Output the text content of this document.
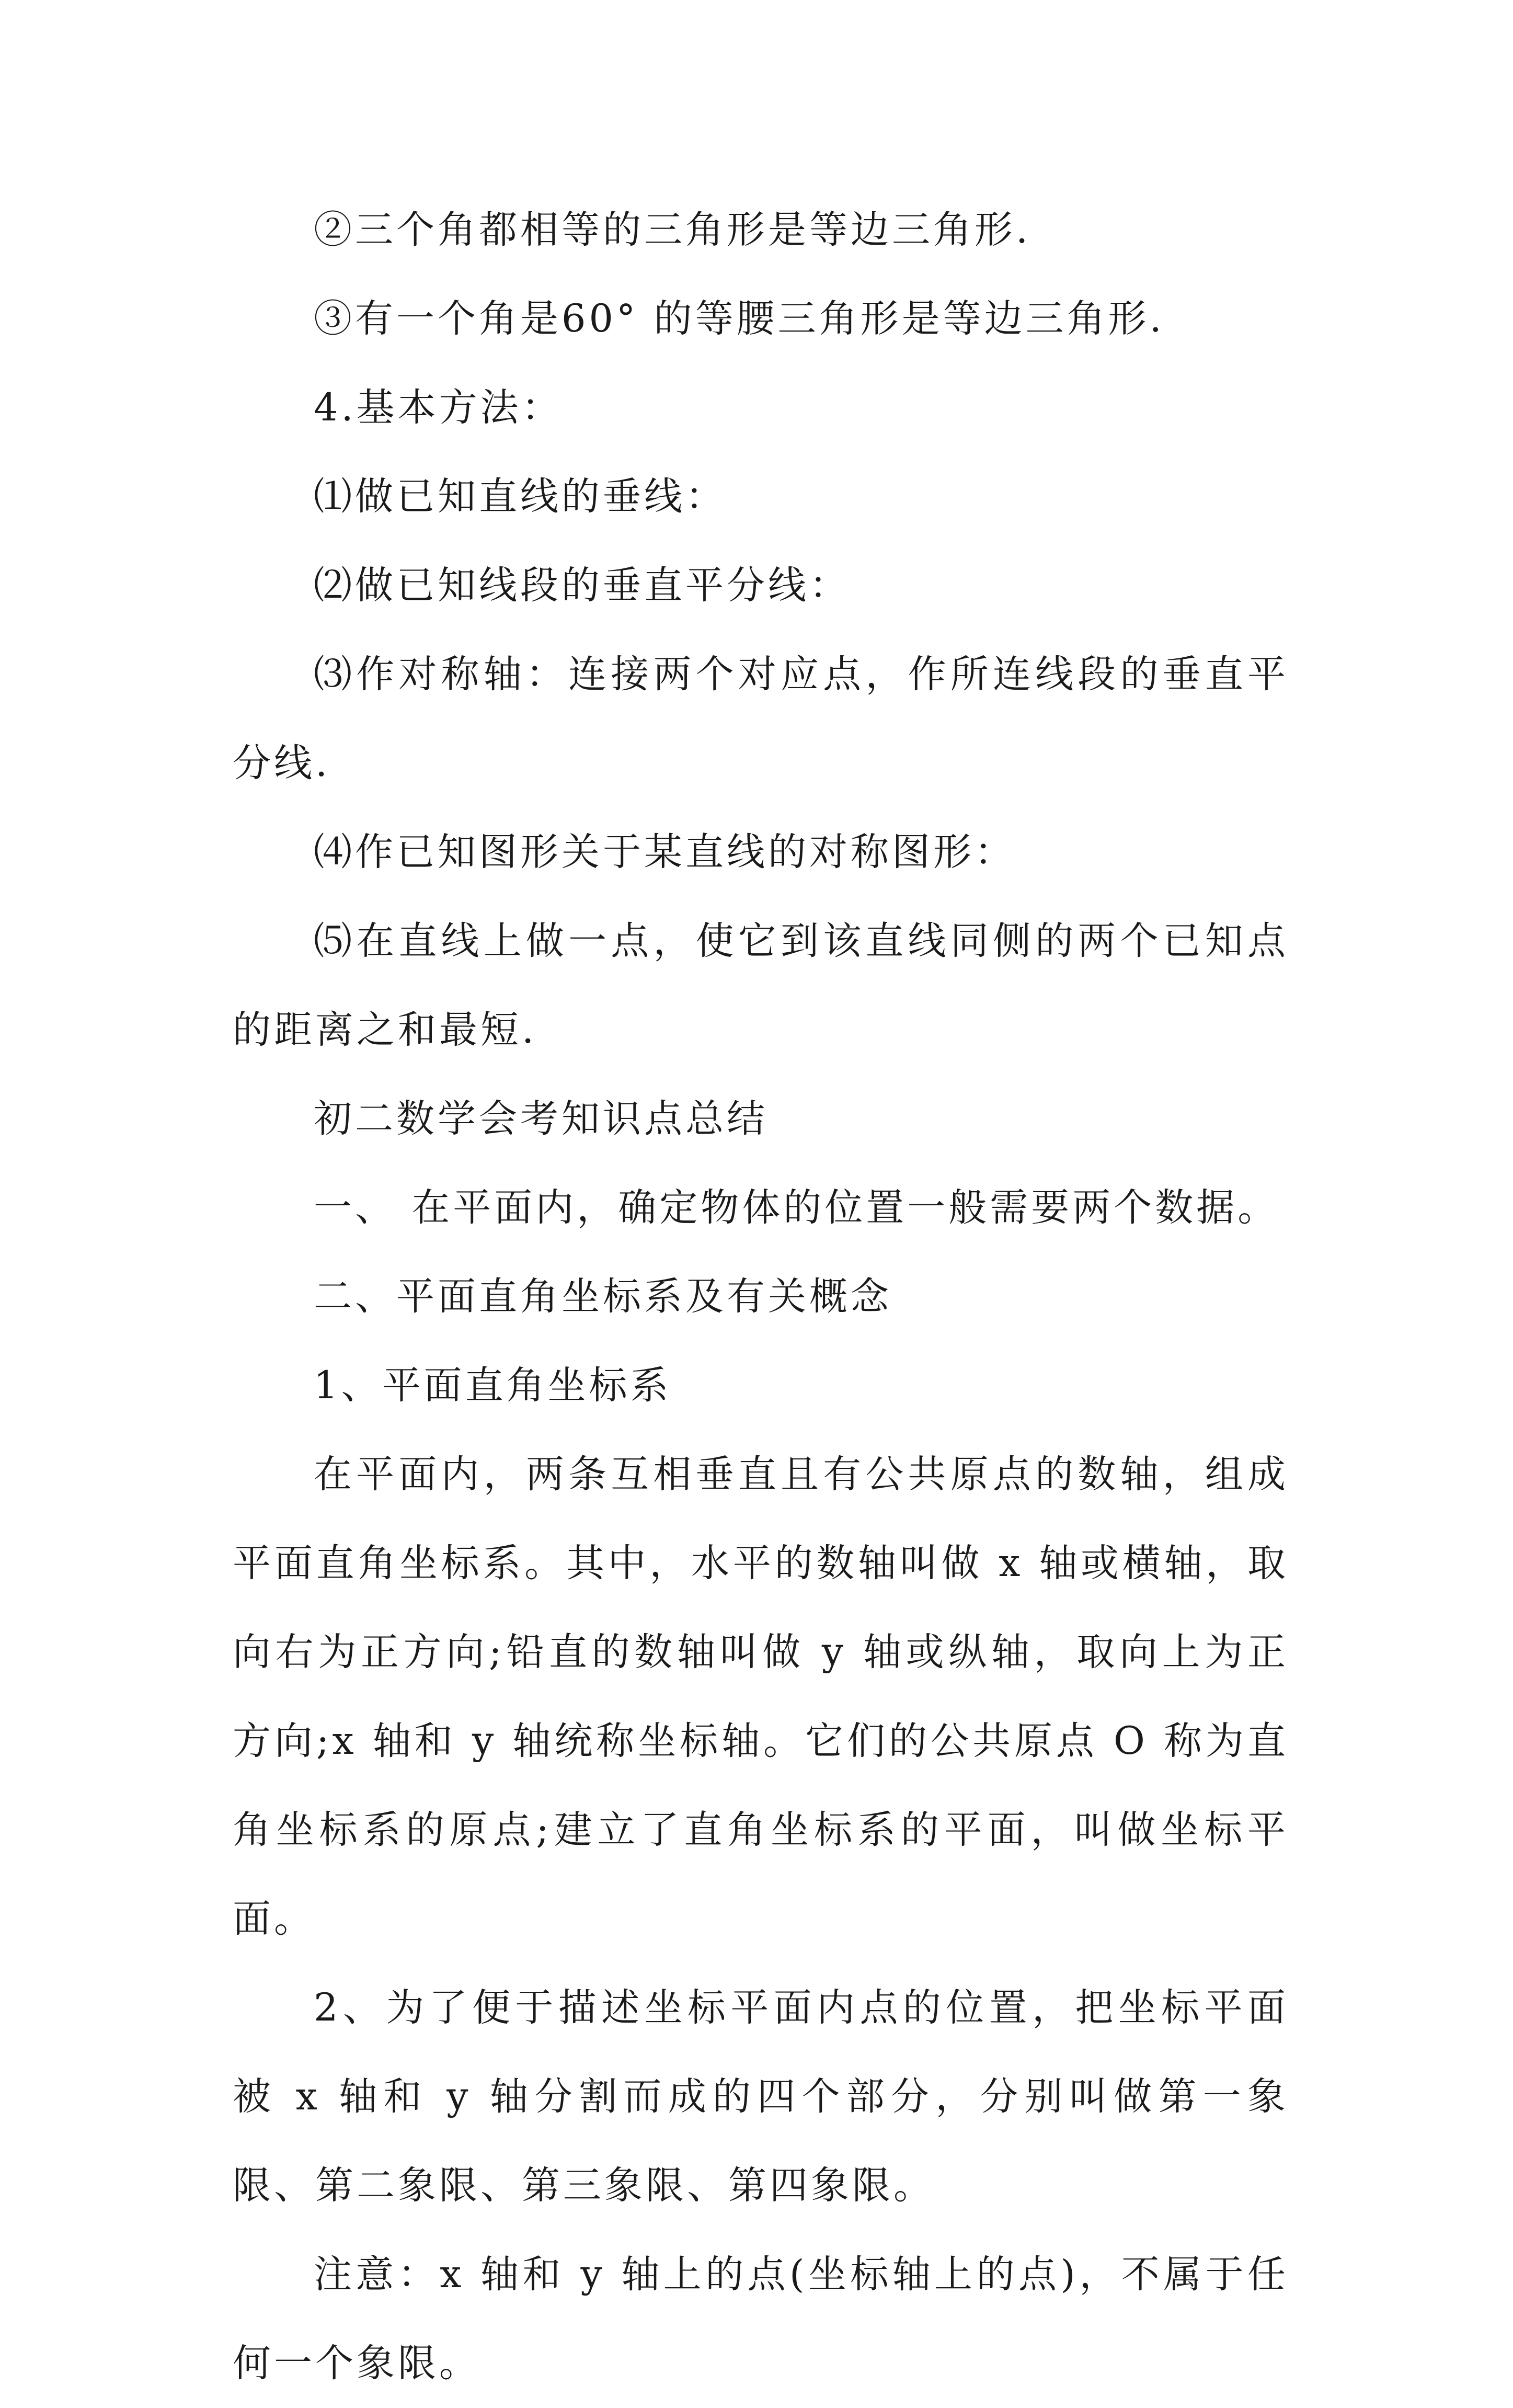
②三个角都相等的三角形是等边三角形.

③有一个角是60° 的等腰三角形是等边三角形.

4.基本方法：

⑴做已知直线的垂线：

⑵做已知线段的垂直平分线：

⑶作对称轴：连接两个对应点，作所连线段的垂直平分线.

⑷作已知图形关于某直线的对称图形：

⑸在直线上做一点，使它到该直线同侧的两个已知点的距离之和最短.

初二数学会考知识点总结

一、 在平面内，确定物体的位置一般需要两个数据。

二、平面直角坐标系及有关概念

1、平面直角坐标系

在平面内，两条互相垂直且有公共原点的数轴，组成平面直角坐标系。其中，水平的数轴叫做 x 轴或横轴，取向右为正方向;铅直的数轴叫做 y 轴或纵轴，取向上为正方向;x 轴和 y 轴统称坐标轴。它们的公共原点 O 称为直角坐标系的原点;建立了直角坐标系的平面，叫做坐标平面。

2、为了便于描述坐标平面内点的位置，把坐标平面被 x 轴和 y 轴分割而成的四个部分，分别叫做第一象限、第二象限、第三象限、第四象限。

注意：x 轴和 y 轴上的点(坐标轴上的点)，不属于任何一个象限。
